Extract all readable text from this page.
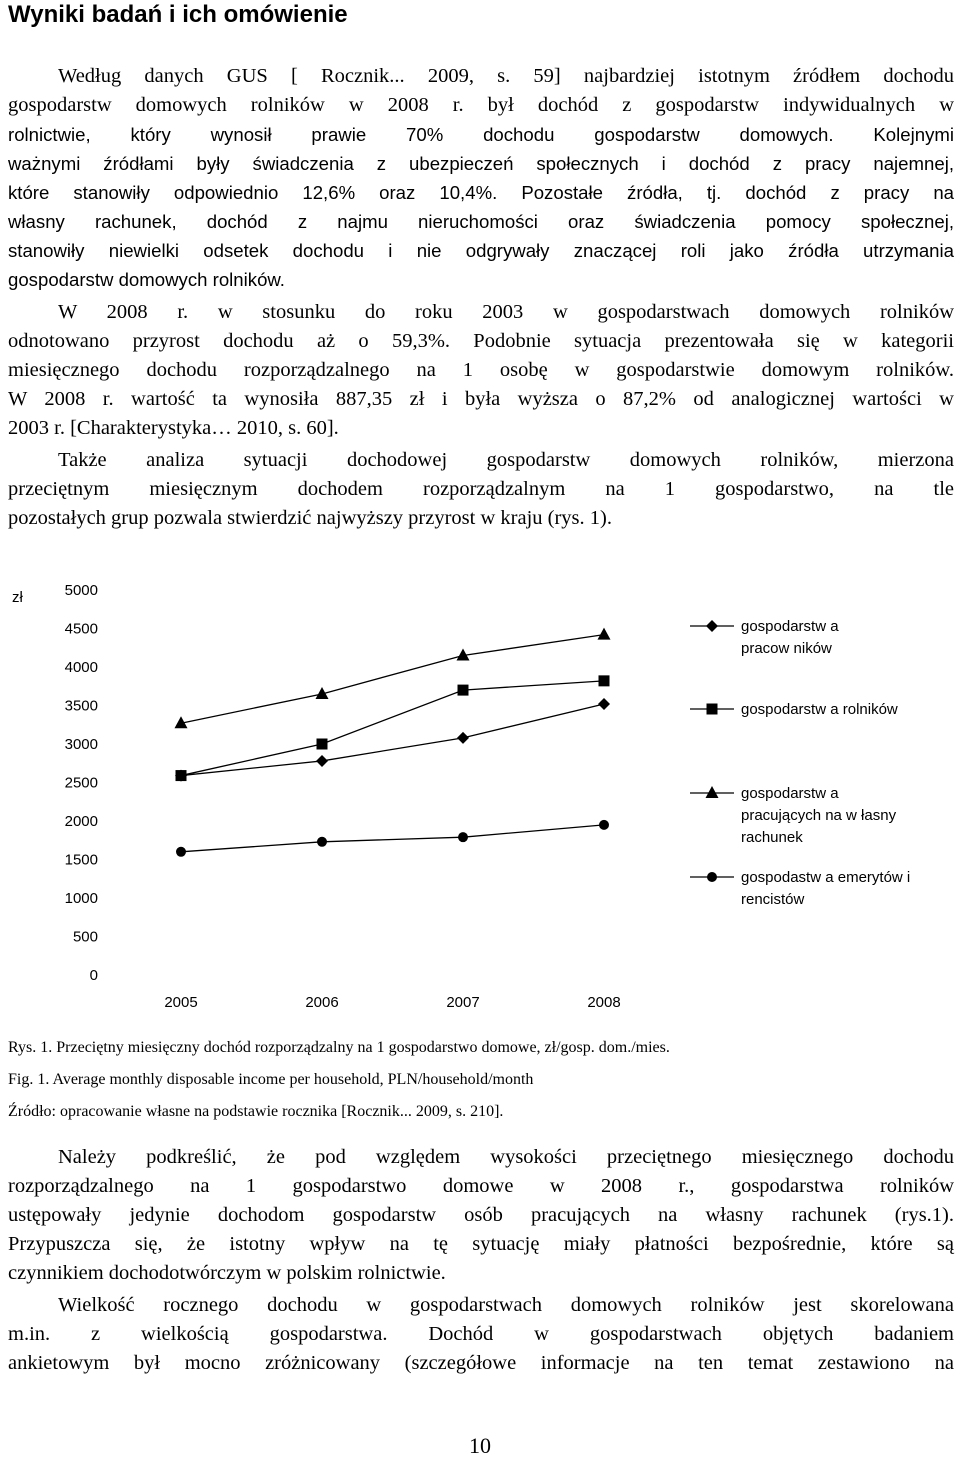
Wyniki badań i ich omówienie
Według danych GUS [ Rocznik... 2009, s. 59] najbardziej istotnym źródłem dochodu
gospodarstw domowych rolników w 2008 r. był dochód z gospodarstw indywidualnych w
rolnictwie, który wynosił prawie 70% dochodu gospodarstw domowych. Kolejnymi
ważnymi źródłami były świadczenia z ubezpieczeń społecznych i dochód z pracy najemnej,
które stanowiły odpowiednio 12,6% oraz 10,4%. Pozostałe źródła, tj. dochód z pracy na
własny rachunek, dochód z najmu nieruchomości oraz świadczenia pomocy społecznej,
stanowiły niewielki odsetek dochodu i nie odgrywały znaczącej roli jako źródła utrzymania
gospodarstw domowych rolników.
W 2008 r. w stosunku do roku 2003 w gospodarstwach domowych rolników
odnotowano przyrost dochodu aż o 59,3%. Podobnie sytuacja prezentowała się w kategorii
miesięcznego dochodu rozporządzalnego na 1 osobę w gospodarstwie domowym rolników.
W 2008 r. wartość ta wynosiła 887,35 zł i była wyższa o 87,2% od analogicznej wartości w
2003 r. [Charakterystyka… 2010, s. 60].
Także analiza sytuacji dochodowej gospodarstw domowych rolników, mierzona
przeciętnym miesięcznym dochodem rozporządzalnym na 1 gospodarstwo, na tle
pozostałych grup pozwala stwierdzić najwyższy przyrost w kraju (rys. 1).
zł
0
500
1000
1500
2000
2500
3000
3500
4000
4500
5000
2005	2006	2007	2008
gospodarstw a
pracow ników
gospodarstw a rolników
gospodarstw a
pracujących na w łasny
rachunek
gospodastw a emerytów i
rencistów

Rys. 1. Przeciętny miesięczny dochód rozporządzalny na 1 gospodarstwo domowe, zł/gosp. dom./mies.

Fig. 1. Average monthly disposable income per household, PLN/household/month

Źródło: opracowanie własne na podstawie rocznika [Rocznik... 2009, s. 210].

Należy podkreślić, że pod względem wysokości przeciętnego miesięcznego dochodu
rozporządzalnego na 1 gospodarstwo domowe w 2008 r., gospodarstwa rolników
ustępowały jedynie dochodom gospodarstw osób pracujących na własny rachunek (rys.1).
Przypuszcza się, że istotny wpływ na tę sytuację miały płatności bezpośrednie, które są
czynnikiem dochodotwórczym w polskim rolnictwie.
Wielkość rocznego dochodu w gospodarstwach domowych rolników jest skorelowana
m.in. z wielkością gospodarstwa. Dochód w gospodarstwach objętych badaniem
ankietowym był mocno zróżnicowany (szczegółowe informacje na ten temat zestawiono na
10
